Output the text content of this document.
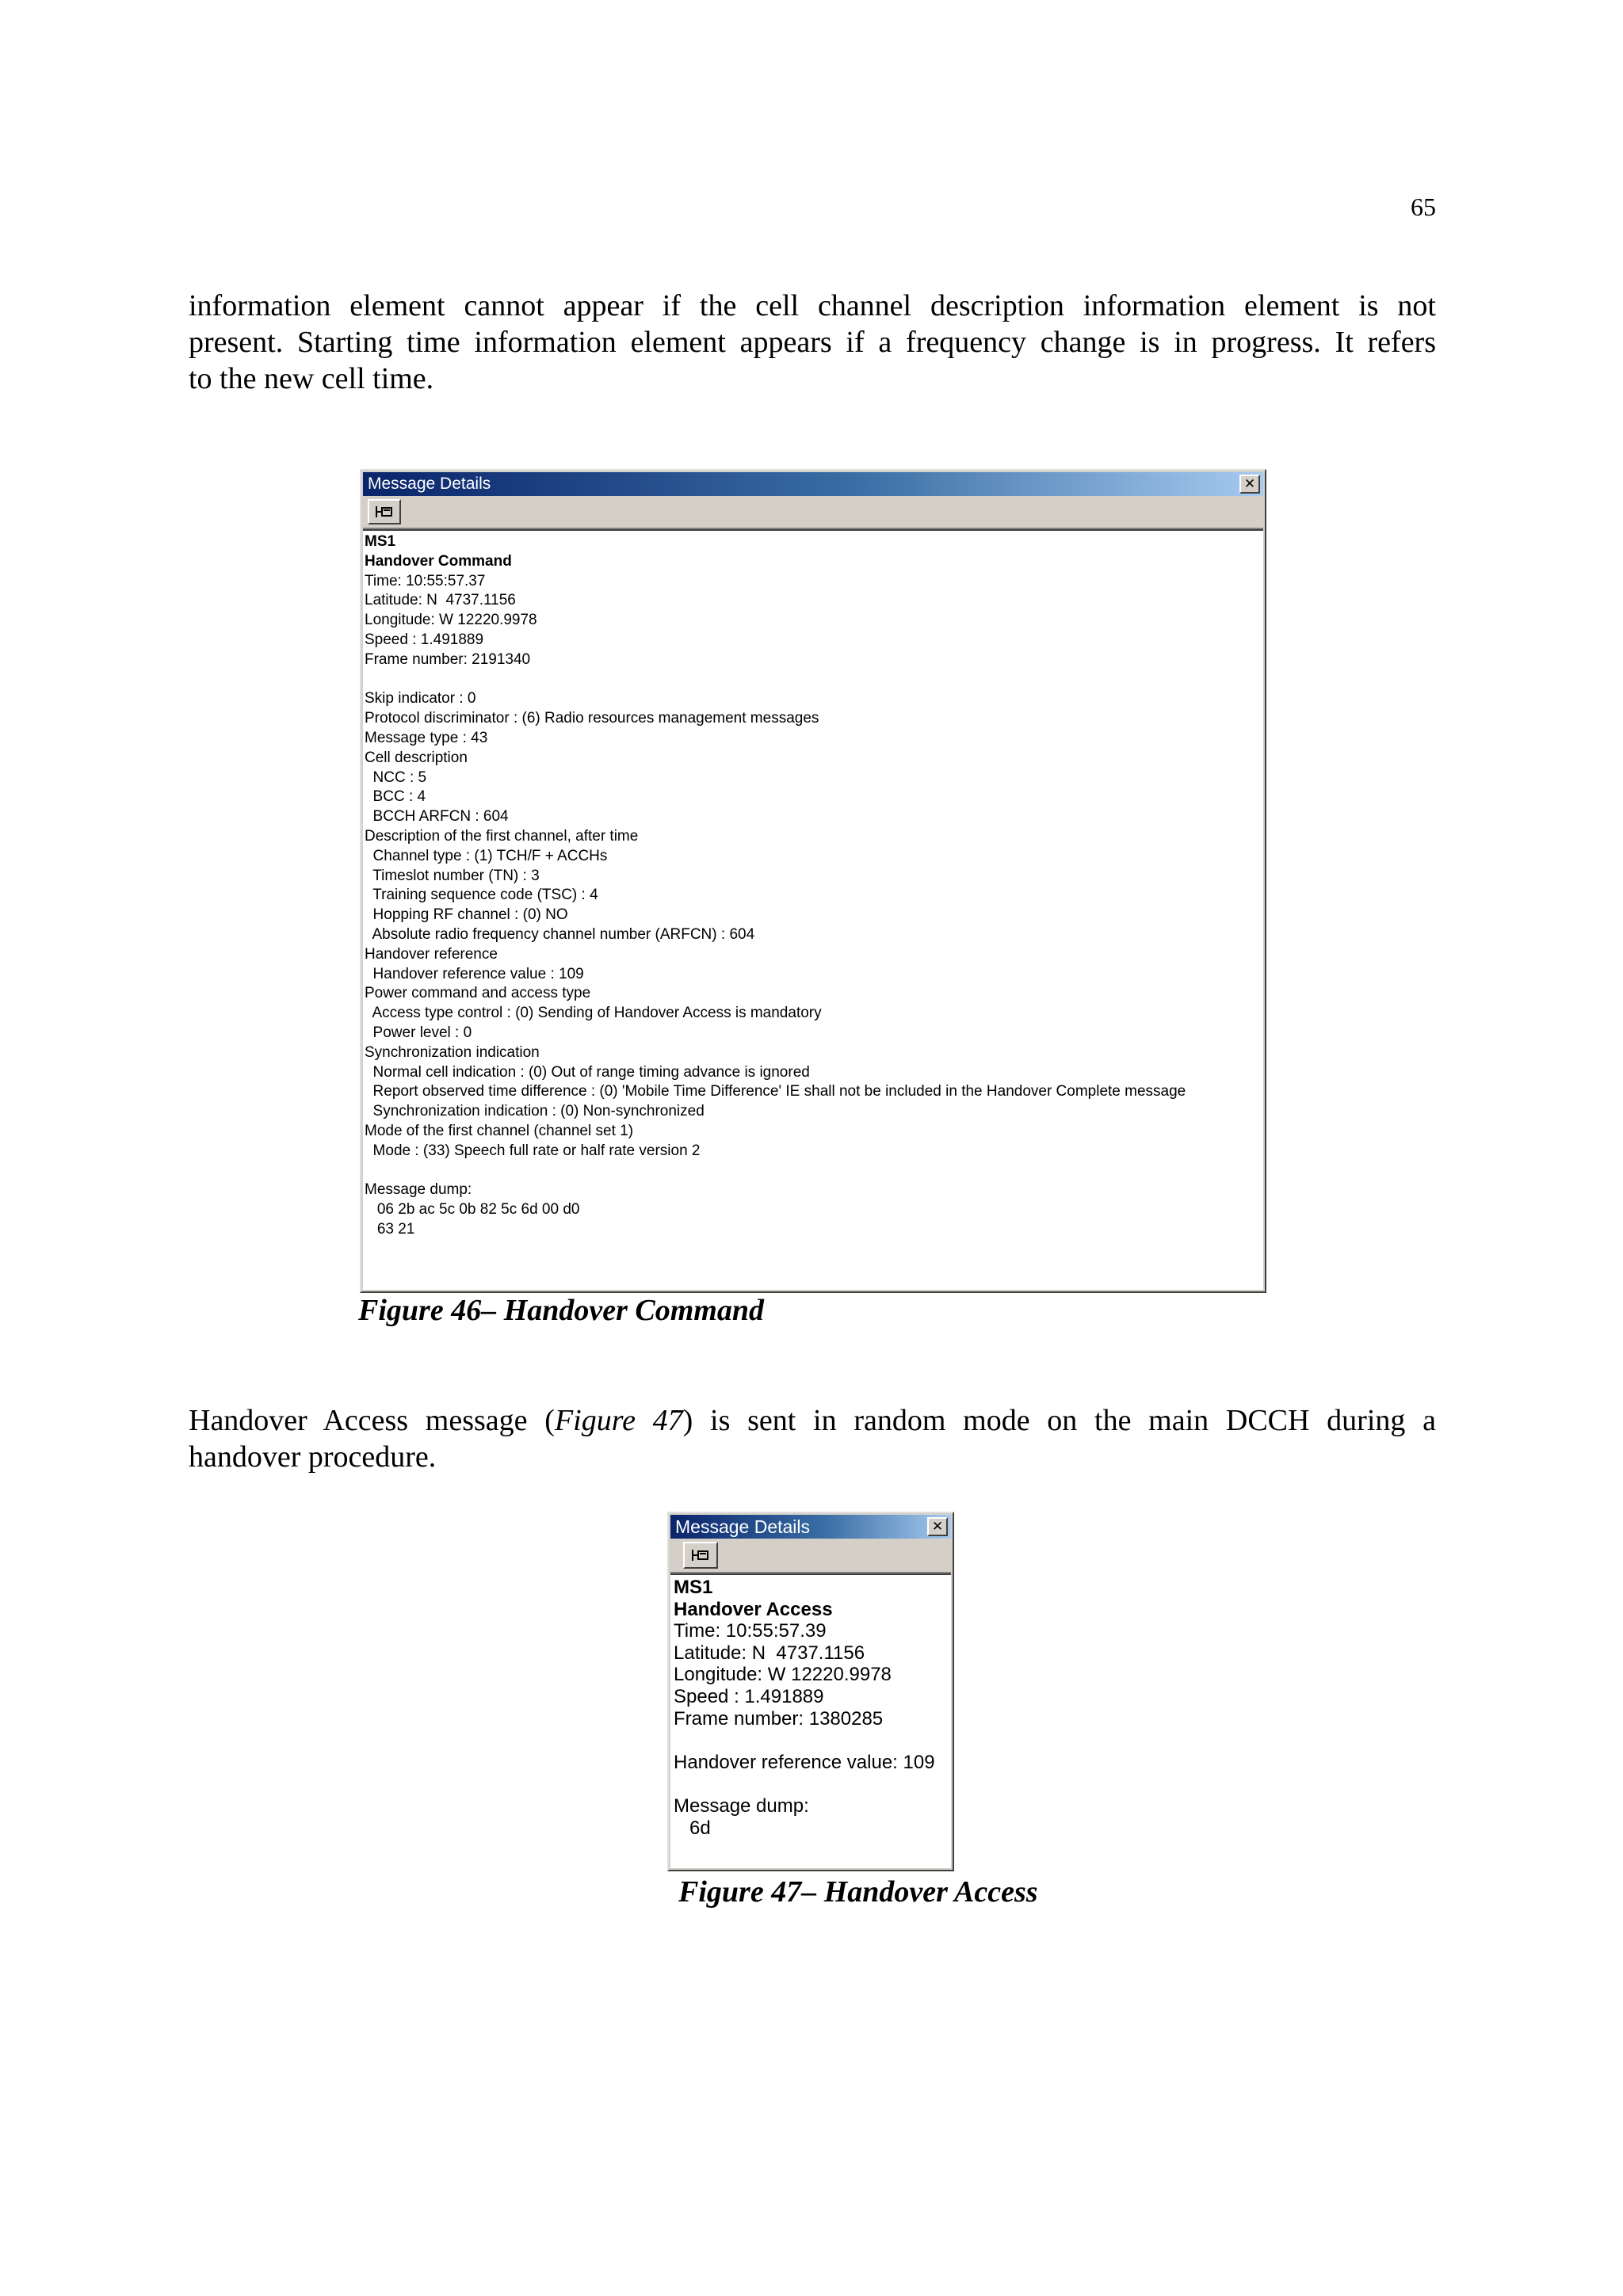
65
information element cannot appear if the cell channel description information element is not
present. Starting time information element appears if a frequency change is in progress. It refers
to the new cell time.
Message Details	✕
MS1
Handover Command
Time: 10:55:57.37
Latitude: N  4737.1156
Longitude: W 12220.9978
Speed : 1.491889
Frame number: 2191340

Skip indicator : 0
Protocol discriminator : (6) Radio resources management messages
Message type : 43
Cell description
NCC : 5
BCC : 4
BCCH ARFCN : 604
Description of the first channel, after time
Channel type : (1) TCH/F + ACCHs
Timeslot number (TN) : 3
Training sequence code (TSC) : 4
Hopping RF channel : (0) NO
Absolute radio frequency channel number (ARFCN) : 604
Handover reference
Handover reference value : 109
Power command and access type
Access type control : (0) Sending of Handover Access is mandatory
Power level : 0
Synchronization indication
Normal cell indication : (0) Out of range timing advance is ignored
Report observed time difference : (0) 'Mobile Time Difference' IE shall not be included in the Handover Complete message
Synchronization indication : (0) Non-synchronized
Mode of the first channel (channel set 1)
Mode : (33) Speech full rate or half rate version 2

Message dump:
06 2b ac 5c 0b 82 5c 6d 00 d0
63 21
Figure 46– Handover Command
Handover Access message (Figure 47) is sent in random mode on the main DCCH during a
handover procedure.
Message Details	✕
MS1
Handover Access
Time: 10:55:57.39
Latitude: N  4737.1156
Longitude: W 12220.9978
Speed : 1.491889
Frame number: 1380285

Handover reference value: 109

Message dump:
6d
Figure 47– Handover Access
